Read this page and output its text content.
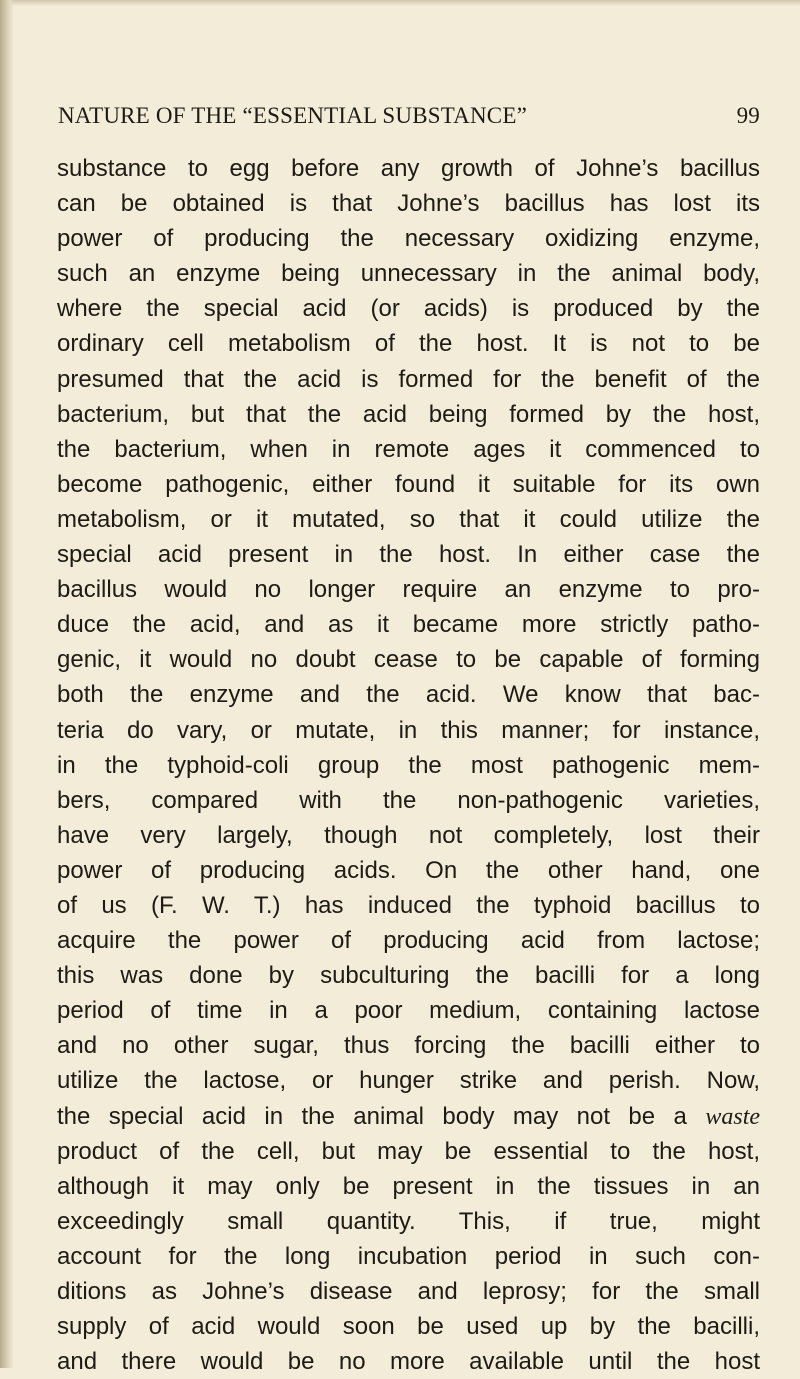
NATURE OF THE “ESSENTIAL SUBSTANCE”	99
substance to egg before any growth of Johne’s bacillus
can be obtained is that Johne’s bacillus has lost its
power of producing the necessary oxidizing enzyme,
such an enzyme being unnecessary in the animal body,
where the special acid (or acids) is produced by the
ordinary cell metabolism of the host. It is not to be
presumed that the acid is formed for the benefit of the
bacterium, but that the acid being formed by the host,
the bacterium, when in remote ages it commenced to
become pathogenic, either found it suitable for its own
metabolism, or it mutated, so that it could utilize the
special acid present in the host. In either case the
bacillus would no longer require an enzyme to pro-
duce the acid, and as it became more strictly patho-
genic, it would no doubt cease to be capable of forming
both the enzyme and the acid. We know that bac-
teria do vary, or mutate, in this manner; for instance,
in the typhoid-coli group the most pathogenic mem-
bers, compared with the non-pathogenic varieties,
have very largely, though not completely, lost their
power of producing acids. On the other hand, one
of us (F. W. T.) has induced the typhoid bacillus to
acquire the power of producing acid from lactose;
this was done by subculturing the bacilli for a long
period of time in a poor medium, containing lactose
and no other sugar, thus forcing the bacilli either to
utilize the lactose, or hunger strike and perish. Now,
the special acid in the animal body may not be a waste
product of the cell, but may be essential to the host,
although it may only be present in the tissues in an
exceedingly small quantity. This, if true, might
account for the long incubation period in such con-
ditions as Johne’s disease and leprosy; for the small
supply of acid would soon be used up by the bacilli,
and there would be no more available until the host
